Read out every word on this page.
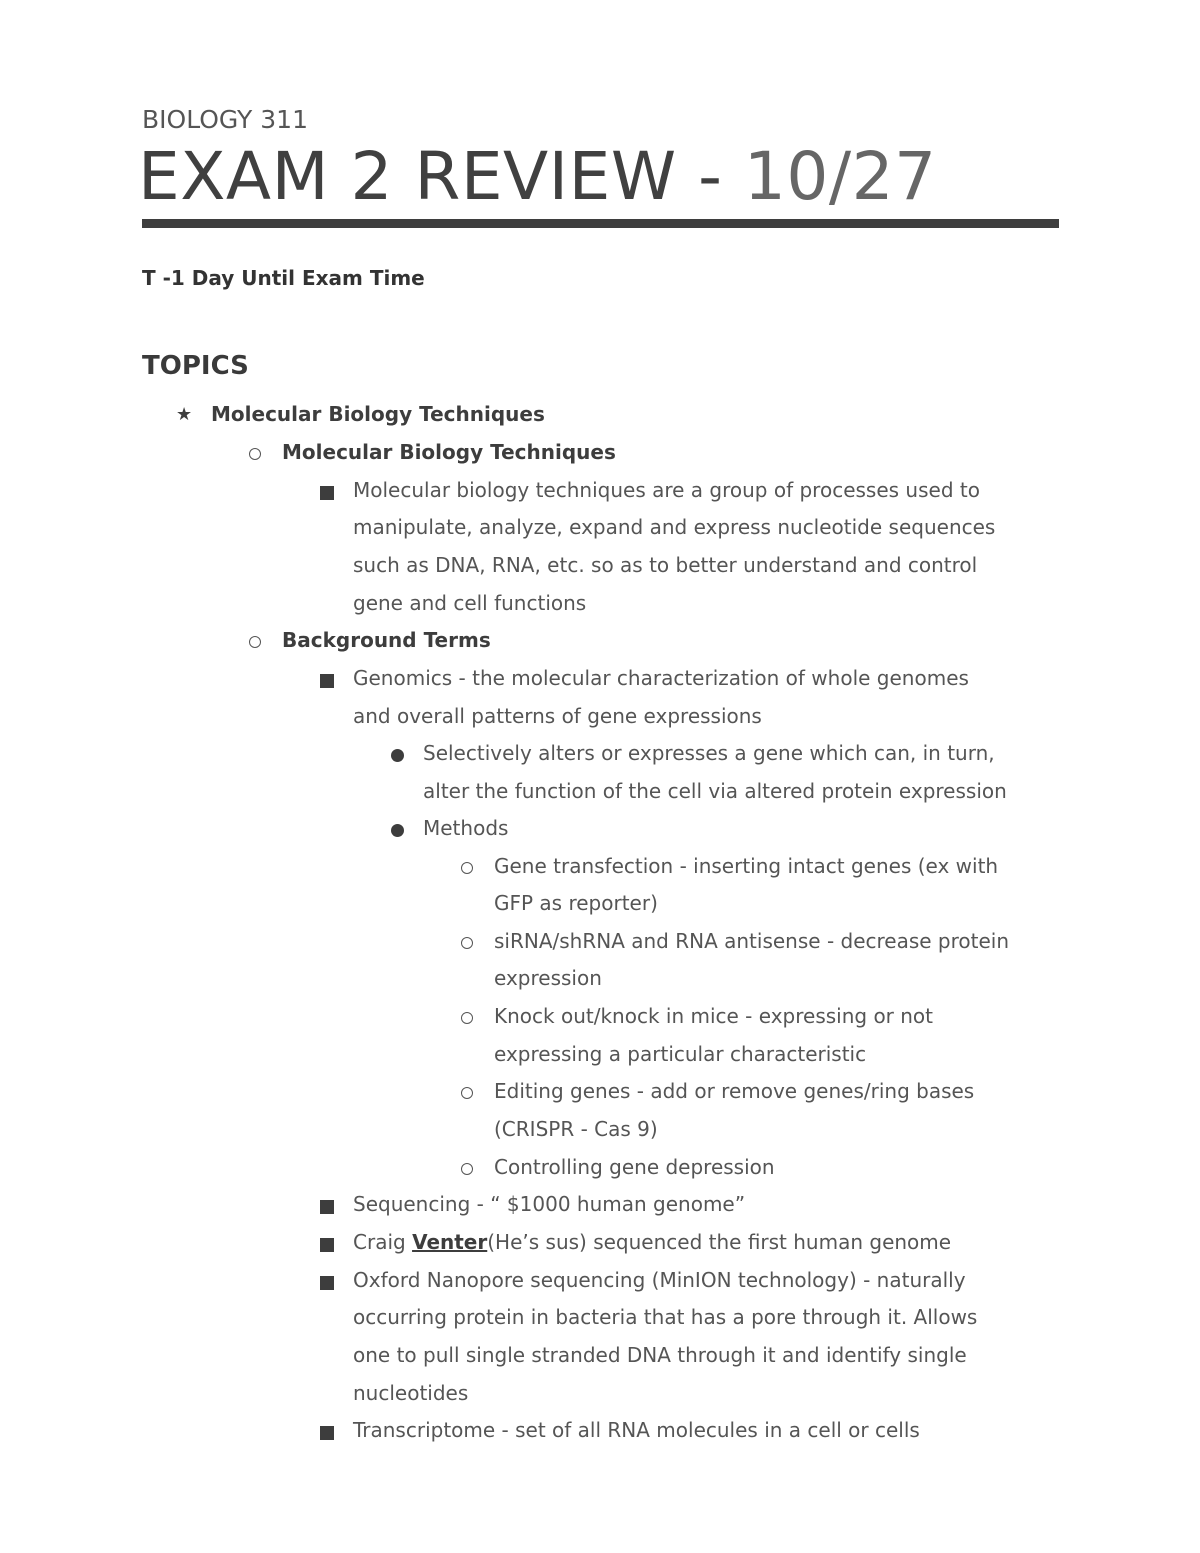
BIOLOGY 311
EXAM 2 REVIEW - 10/27
T -1 Day Until Exam Time
TOPICS
★ Molecular Biology Techniques
Molecular Biology Techniques
Molecular biology techniques are a group of processes used to
manipulate, analyze, expand and express nucleotide sequences
such as DNA, RNA, etc. so as to better understand and control
gene and cell functions
Background Terms
Genomics - the molecular characterization of whole genomes
and overall patterns of gene expressions
Selectively alters or expresses a gene which can, in turn,
alter the function of the cell via altered protein expression
Methods
Gene transfection - inserting intact genes (ex with
GFP as reporter)
siRNA/shRNA and RNA antisense - decrease protein
expression
Knock out/knock in mice - expressing or not
expressing a particular characteristic
Editing genes - add or remove genes/ring bases
(CRISPR - Cas 9)
Controlling gene depression
Sequencing - “ $1000 human genome”
Craig Venter(He’s sus) sequenced the first human genome
Oxford Nanopore sequencing (MinION technology) - naturally
occurring protein in bacteria that has a pore through it. Allows
one to pull single stranded DNA through it and identify single
nucleotides
Transcriptome - set of all RNA molecules in a cell or cells
